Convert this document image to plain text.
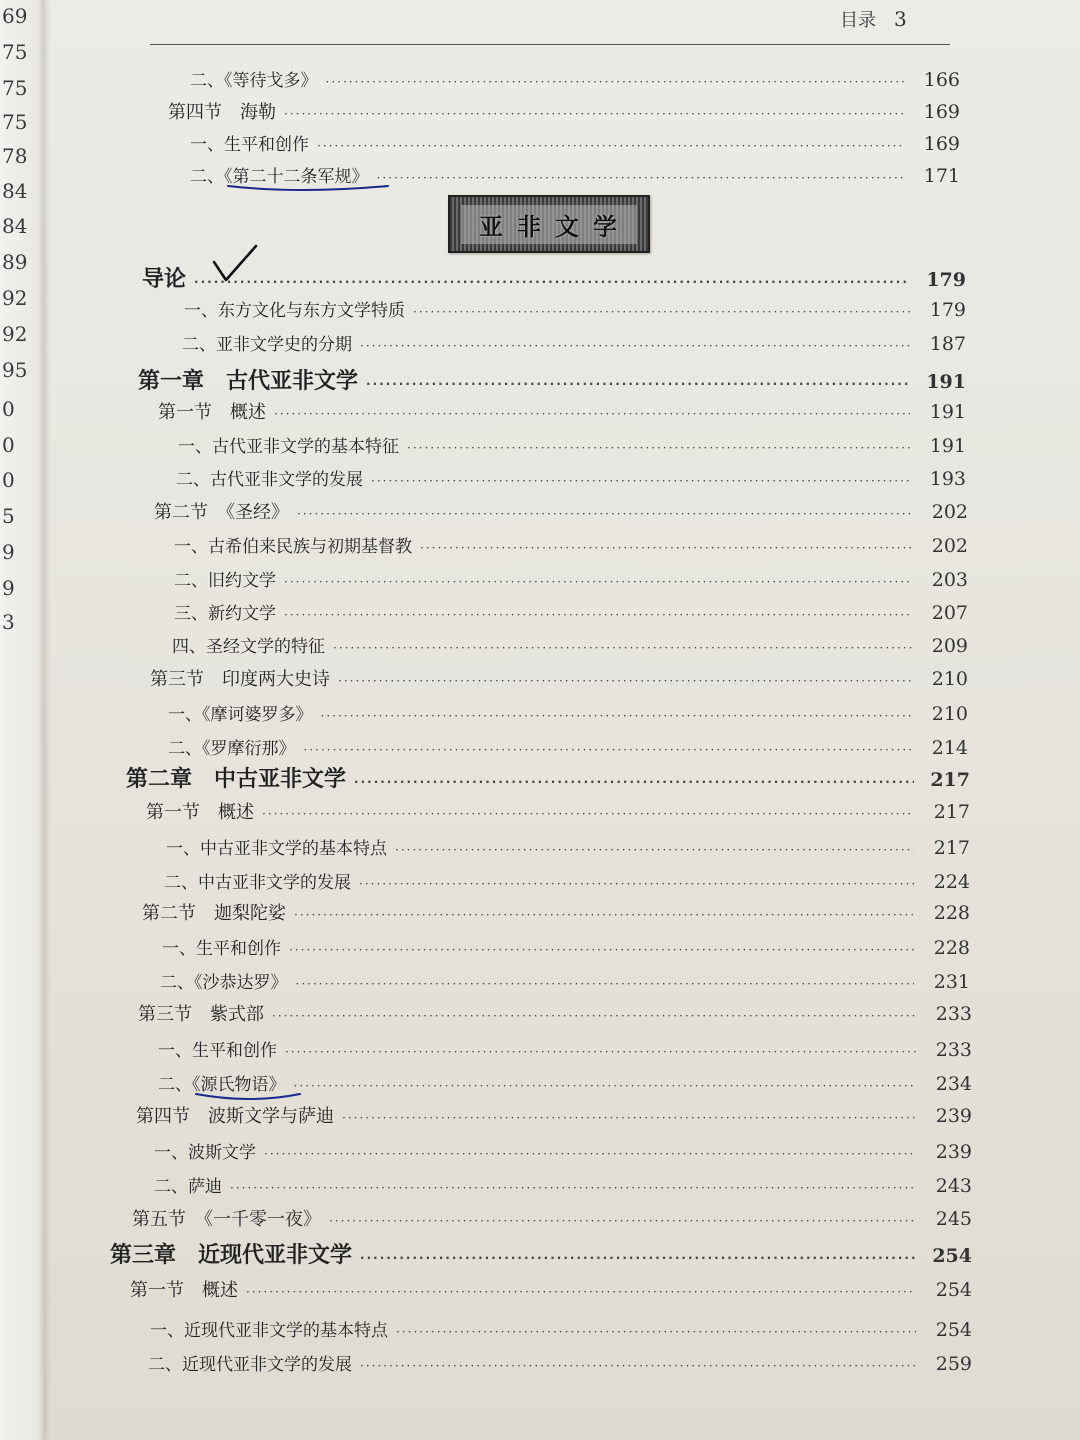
69
75
75
75
78
84
84
89
92
92
95
0
0
0
5
9
9
3
目录 3
亚非文学
二、《等待戈多》 ·····	166
第四节　海勒 ·····	169
一、生平和创作 ·····	169
二、《第二十二条军规》 ·····	171
导论 ·····	179
一、东方文化与东方文学特质 ·····	179
二、亚非文学史的分期 ·····	187
第一章　古代亚非文学 ·····	191
第一节　概述 ·····	191
一、古代亚非文学的基本特征 ·····	191
二、古代亚非文学的发展 ·····	193
第二节　《圣经》 ·····	202
一、古希伯来民族与初期基督教 ·····	202
二、旧约文学 ·····	203
三、新约文学 ·····	207
四、圣经文学的特征 ·····	209
第三节　印度两大史诗 ·····	210
一、《摩诃婆罗多》 ·····	210
二、《罗摩衍那》 ·····	214
第二章　中古亚非文学 ·····	217
第一节　概述 ·····	217
一、中古亚非文学的基本特点 ·····	217
二、中古亚非文学的发展 ·····	224
第二节　迦梨陀娑 ·····	228
一、生平和创作 ·····	228
二、《沙恭达罗》 ·····	231
第三节　紫式部 ·····	233
一、生平和创作 ·····	233
二、《源氏物语》 ·····	234
第四节　波斯文学与萨迪 ·····	239
一、波斯文学 ·····	239
二、萨迪 ·····	243
第五节　《一千零一夜》 ·····	245
第三章　近现代亚非文学 ·····	254
第一节　概述 ·····	254
一、近现代亚非文学的基本特点 ·····	254
二、近现代亚非文学的发展 ·····	259
